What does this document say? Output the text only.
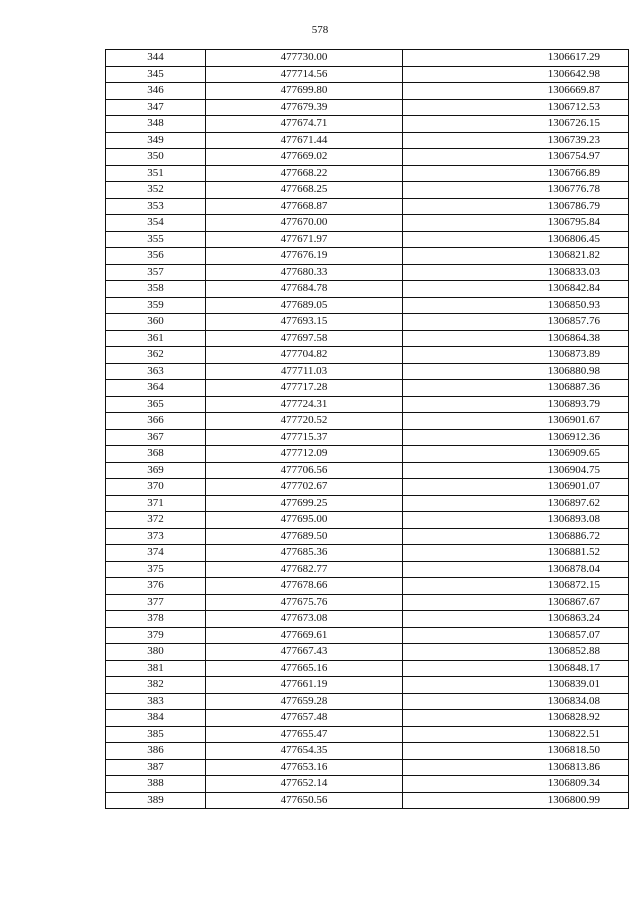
578
344	477730.00	1306617.29
345	477714.56	1306642.98
346	477699.80	1306669.87
347	477679.39	1306712.53
348	477674.71	1306726.15
349	477671.44	1306739.23
350	477669.02	1306754.97
351	477668.22	1306766.89
352	477668.25	1306776.78
353	477668.87	1306786.79
354	477670.00	1306795.84
355	477671.97	1306806.45
356	477676.19	1306821.82
357	477680.33	1306833.03
358	477684.78	1306842.84
359	477689.05	1306850.93
360	477693.15	1306857.76
361	477697.58	1306864.38
362	477704.82	1306873.89
363	477711.03	1306880.98
364	477717.28	1306887.36
365	477724.31	1306893.79
366	477720.52	1306901.67
367	477715.37	1306912.36
368	477712.09	1306909.65
369	477706.56	1306904.75
370	477702.67	1306901.07
371	477699.25	1306897.62
372	477695.00	1306893.08
373	477689.50	1306886.72
374	477685.36	1306881.52
375	477682.77	1306878.04
376	477678.66	1306872.15
377	477675.76	1306867.67
378	477673.08	1306863.24
379	477669.61	1306857.07
380	477667.43	1306852.88
381	477665.16	1306848.17
382	477661.19	1306839.01
383	477659.28	1306834.08
384	477657.48	1306828.92
385	477655.47	1306822.51
386	477654.35	1306818.50
387	477653.16	1306813.86
388	477652.14	1306809.34
389	477650.56	1306800.99
